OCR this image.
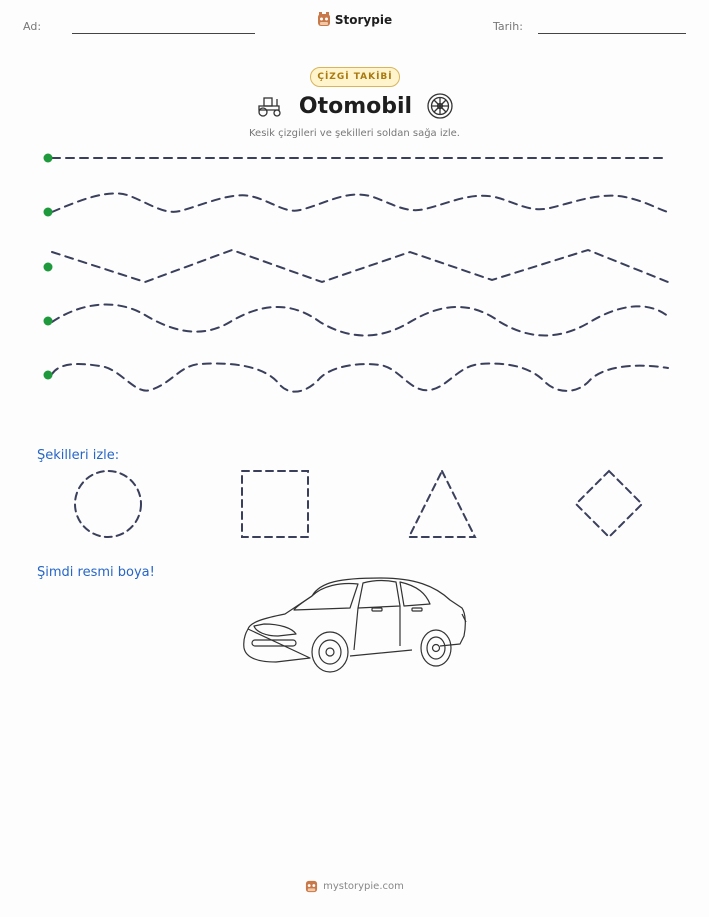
Ad:	Storypie	Tarih:
ÇİZGİ TAKİBİ
Otomobil
Kesik çizgileri ve şekilleri soldan sağa izle.
Şekilleri izle:
Şimdi resmi boya!
mystorypie.com
